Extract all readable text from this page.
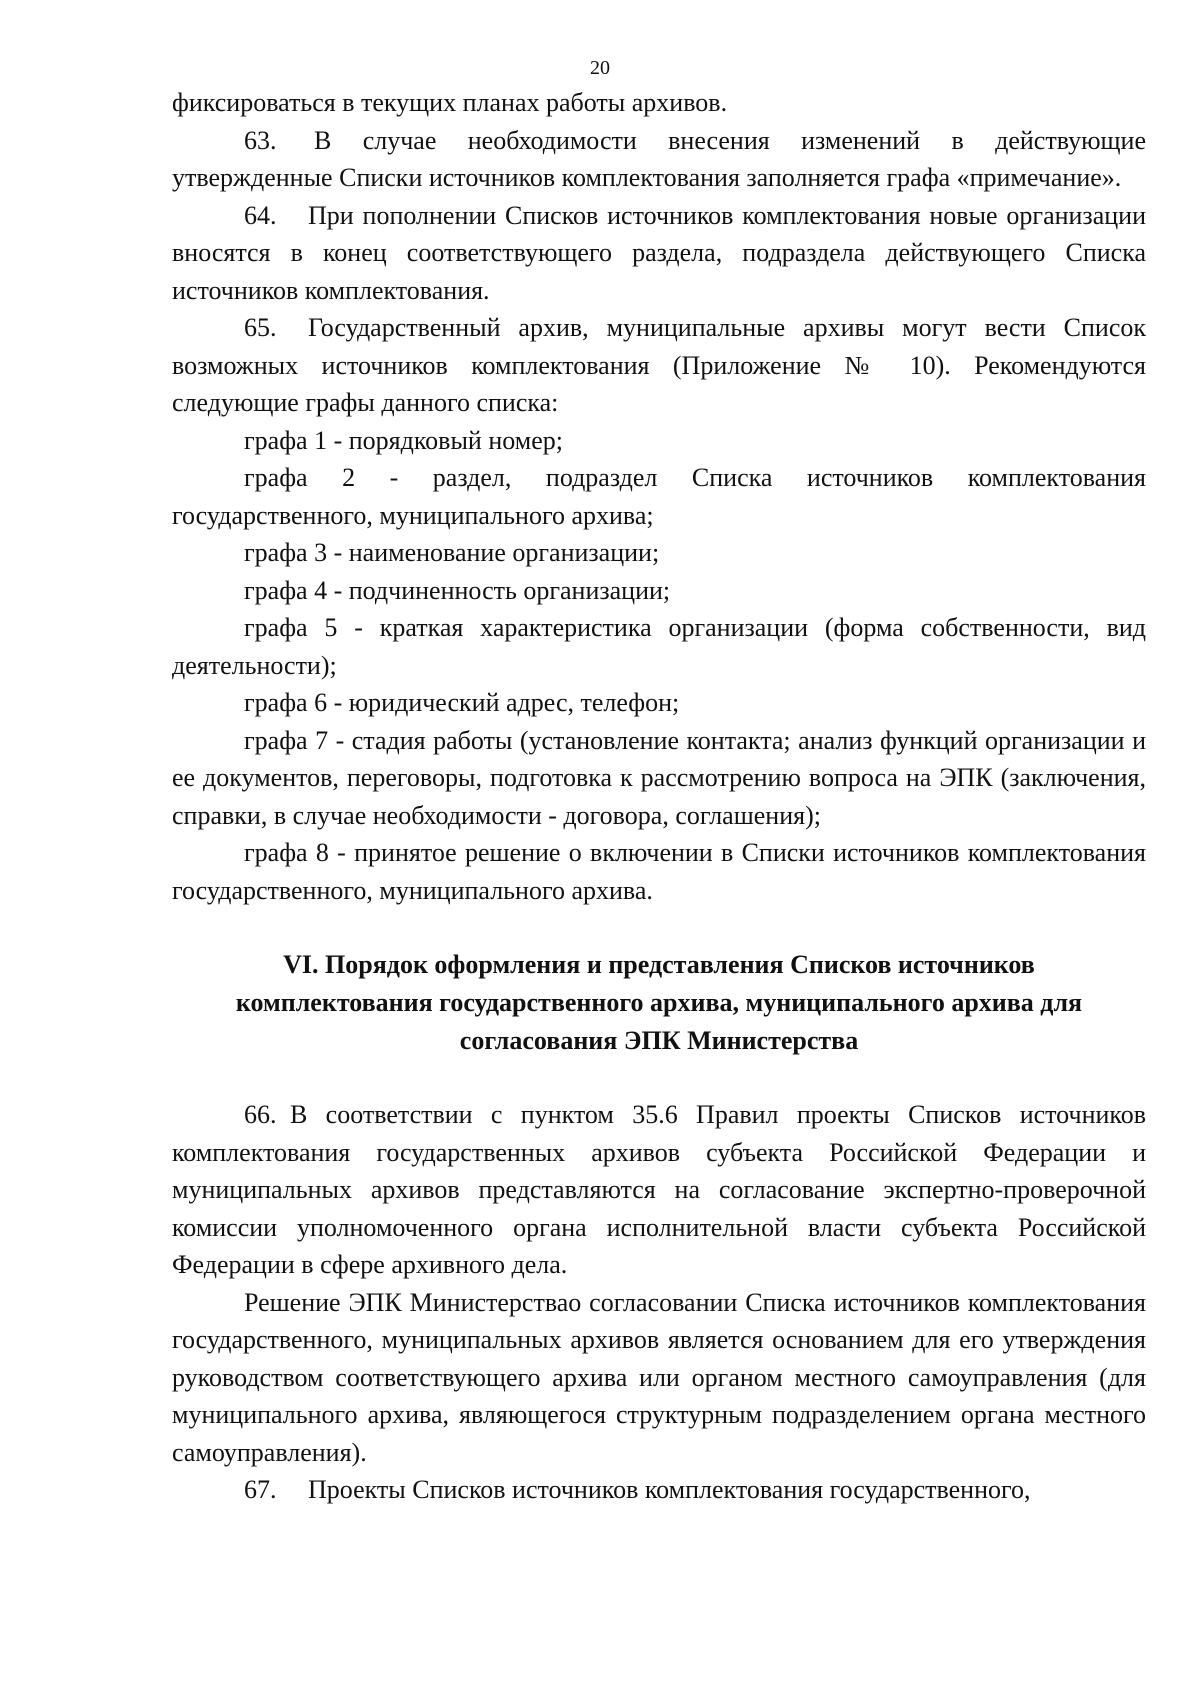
20

фиксироваться в текущих планах работы архивов.

63. В случае необходимости внесения изменений в действующие утвержденные Списки источников комплектования заполняется графа «примечание».

64. При пополнении Списков источников комплектования новые организации вносятся в конец соответствующего раздела, подраздела действующего Списка источников комплектования.

65. Государственный архив, муниципальные архивы могут вести Список возможных источников комплектования (Приложение № 10). Рекомендуются следующие графы данного списка:

графа 1 - порядковый номер;

графа 2 - раздел, подраздел Списка источников комплектования государственного, муниципального архива;

графа 3 - наименование организации;

графа 4 - подчиненность организации;

графа 5 - краткая характеристика организации (форма собственности, вид деятельности);

графа 6 - юридический адрес, телефон;

графа 7 - стадия работы (установление контакта; анализ функций организации и ее документов, переговоры, подготовка к рассмотрению вопроса на ЭПК (заключения, справки, в случае необходимости - договора, соглашения);

графа 8 - принятое решение о включении в Списки источников комплектования государственного, муниципального архива.

VI. Порядок оформления и представления Списков источников
комплектования государственного архива, муниципального архива для
согласования ЭПК Министерства

66. В соответствии с пунктом 35.6 Правил проекты Списков источников комплектования государственных архивов субъекта Российской Федерации и муниципальных архивов представляются на согласование экспертно-проверочной комиссии уполномоченного органа исполнительной власти субъекта Российской Федерации в сфере архивного дела.

Решение ЭПК Министерствао согласовании Списка источников комплектования государственного, муниципальных архивов является основанием для его утверждения руководством соответствующего архива или органом местного самоуправления (для муниципального архива, являющегося структурным подразделением органа местного самоуправления).

67. Проекты Списков источников комплектования государственного,
